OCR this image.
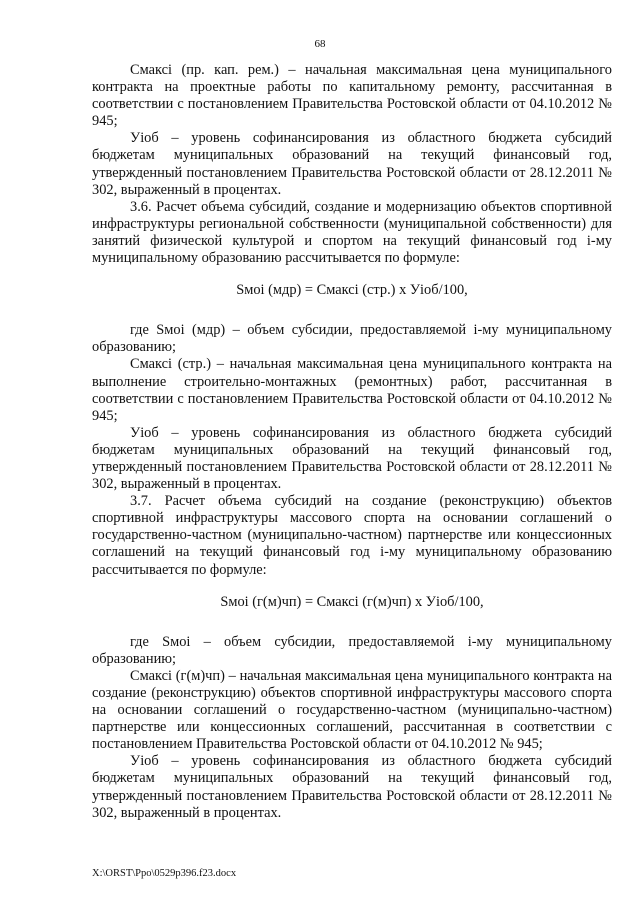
68

Смаксі (пр. кап. рем.) – начальная максимальная цена муниципального контракта на проектные работы по капитальному ремонту, рассчитанная в соответствии с постановлением Правительства Ростовской области от 04.10.2012 № 945;

Уіоб – уровень софинансирования из областного бюджета субсидий бюджетам муниципальных образований на текущий финансовый год, утвержденный постановлением Правительства Ростовской области от 28.12.2011 № 302, выраженный в процентах.

3.6. Расчет объема субсидий, создание и модернизацию объектов спортивной инфраструктуры региональной собственности (муниципальной собственности) для занятий физической культурой и спортом на текущий финансовый год і-му муниципальному образованию рассчитывается по формуле:

Sмоі (мдр) = Смаксі (стр.) х Уіоб/100,

где Sмоі (мдр) – объем субсидии, предоставляемой і-му муниципальному образованию;

Смаксі (стр.) – начальная максимальная цена муниципального контракта на выполнение строительно-монтажных (ремонтных) работ, рассчитанная в соответствии с постановлением Правительства Ростовской области от 04.10.2012 № 945;

Уіоб – уровень софинансирования из областного бюджета субсидий бюджетам муниципальных образований на текущий финансовый год, утвержденный постановлением Правительства Ростовской области от 28.12.2011 № 302, выраженный в процентах.

3.7. Расчет объема субсидий на создание (реконструкцию) объектов спортивной инфраструктуры массового спорта на основании соглашений о государственно-частном (муниципально-частном) партнерстве или концессионных соглашений на текущий финансовый год і-му муниципальному образованию рассчитывается по формуле:

Sмоі (г(м)чп) = Смаксі (г(м)чп) х Уіоб/100,

где Sмоі – объем субсидии, предоставляемой і-му муниципальному образованию;

Смаксі (г(м)чп) – начальная максимальная цена муниципального контракта на создание (реконструкцию) объектов спортивной инфраструктуры массового спорта на основании соглашений о государственно-частном (муниципально-частном) партнерстве или концессионных соглашений, рассчитанная в соответствии с постановлением Правительства Ростовской области от 04.10.2012 № 945;

Уіоб – уровень софинансирования из областного бюджета субсидий бюджетам муниципальных образований на текущий финансовый год, утвержденный постановлением Правительства Ростовской области от 28.12.2011 № 302, выраженный в процентах.

X:\ORST\Ppo\0529p396.f23.docx
